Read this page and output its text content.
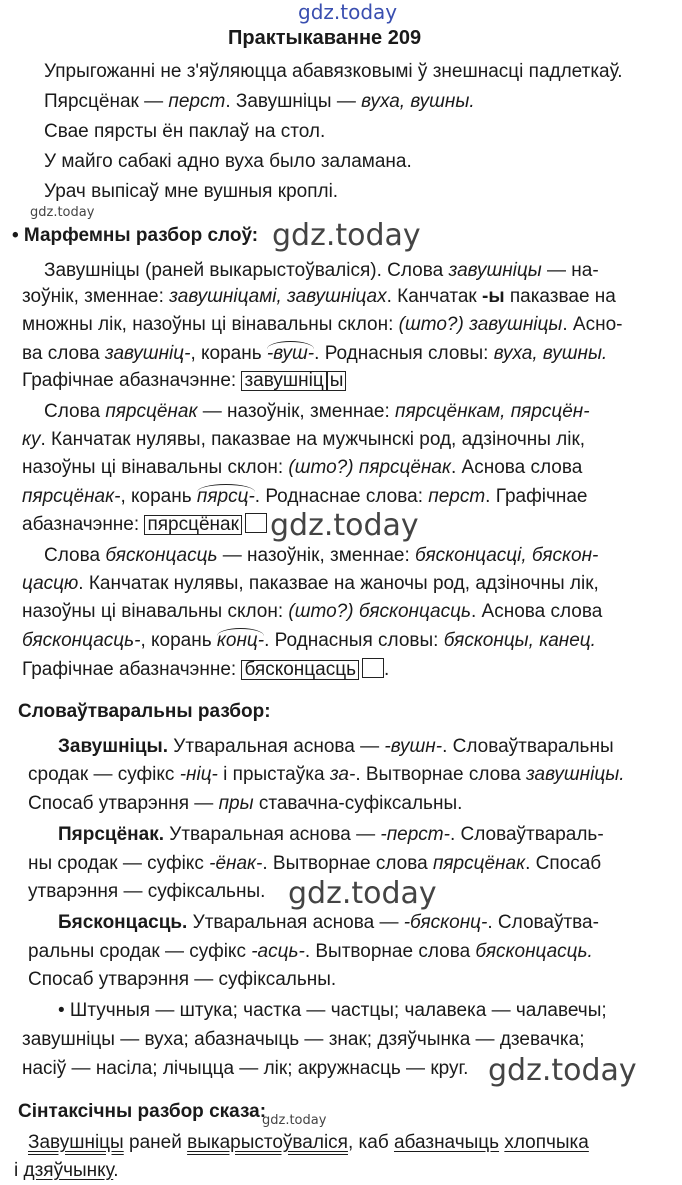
gdz.today
gdz.today
gdz.today
gdz.today
gdz.today
gdz.today
gdz.today
Практыкаванне 209
Упрыгожанні не з'яўляюцца абавязковымі ў знешнасці падлеткаў.
Пярсцёнак — перст. Завушніцы — вуха, вушны.
Свае пярсты ён паклаў на стол.
У майго сабакі адно вуха было заламана.
Урач выпісаў мне вушныя кроплі.
• Марфемны разбор слоў:
Завушніцы (раней выкарыстоўваліся). Слова завушніцы — на-
зоўнік, зменнае: завушніцамі, завушніцах. Канчатак -ы паказвае на
множны лік, назоўны ці вінавальны склон: (што?) завушніцы. Асно-
ва слова завушніц-, корань -вуш-. Роднасныя словы: вуха, вушны.
Графічнае абазначэнне: завушніц ы
Слова пярсцёнак — назоўнік, зменнае: пярсцёнкам, пярсцён-
ку. Канчатак нулявы, паказвае на мужчынскі род, адзіночны лік,
назоўны ці вінавальны склон: (што?) пярсцёнак. Аснова слова
пярсцёнак-, корань пярсц-. Роднаснае слова: перст. Графічнае
абазначэнне: пярсцёнак
Слова бясконцасць — назоўнік, зменнае: бясконцасці, бяскон-
цасцю. Канчатак нулявы, паказвае на жаночы род, адзіночны лік,
назоўны ці вінавальны склон: (што?) бясконцасць. Аснова слова
бясконцасць-, корань конц-. Роднасныя словы: бясконцы, канец.
Графічнае абазначэнне: бясконцасць .
Словаўтваральны разбор:
Завушніцы. Утваральная аснова — -вушн-. Словаўтваральны
сродак — суфікс -ніц- і прыстаўка за-. Вытворнае слова завушніцы.
Спосаб утварэння — пры ставачна-суфіксальны.
Пярсцёнак. Утваральная аснова — -перст-. Словаўтвараль-
ны сродак — суфікс -ёнак-. Вытворнае слова пярсцёнак. Спосаб
утварэння — суфіксальны.
Бясконцасць. Утваральная аснова — -бясконц-. Словаўтва-
ральны сродак — суфікс -асць-. Вытворнае слова бясконцасць.
Спосаб утварэння — суфіксальны.
• Штучныя — штука; частка — частцы; чалавека — чалавечы;
завушніцы — вуха; абазначыць — знак; дзяўчынка — дзевачка;
насіў — насіла; лічыцца — лік; акружнасць — круг.
Сінтаксічны разбор сказа:
Завушніцы раней выкарыстоўваліся, каб абазначыць хлопчыка
і дзяўчынку.
